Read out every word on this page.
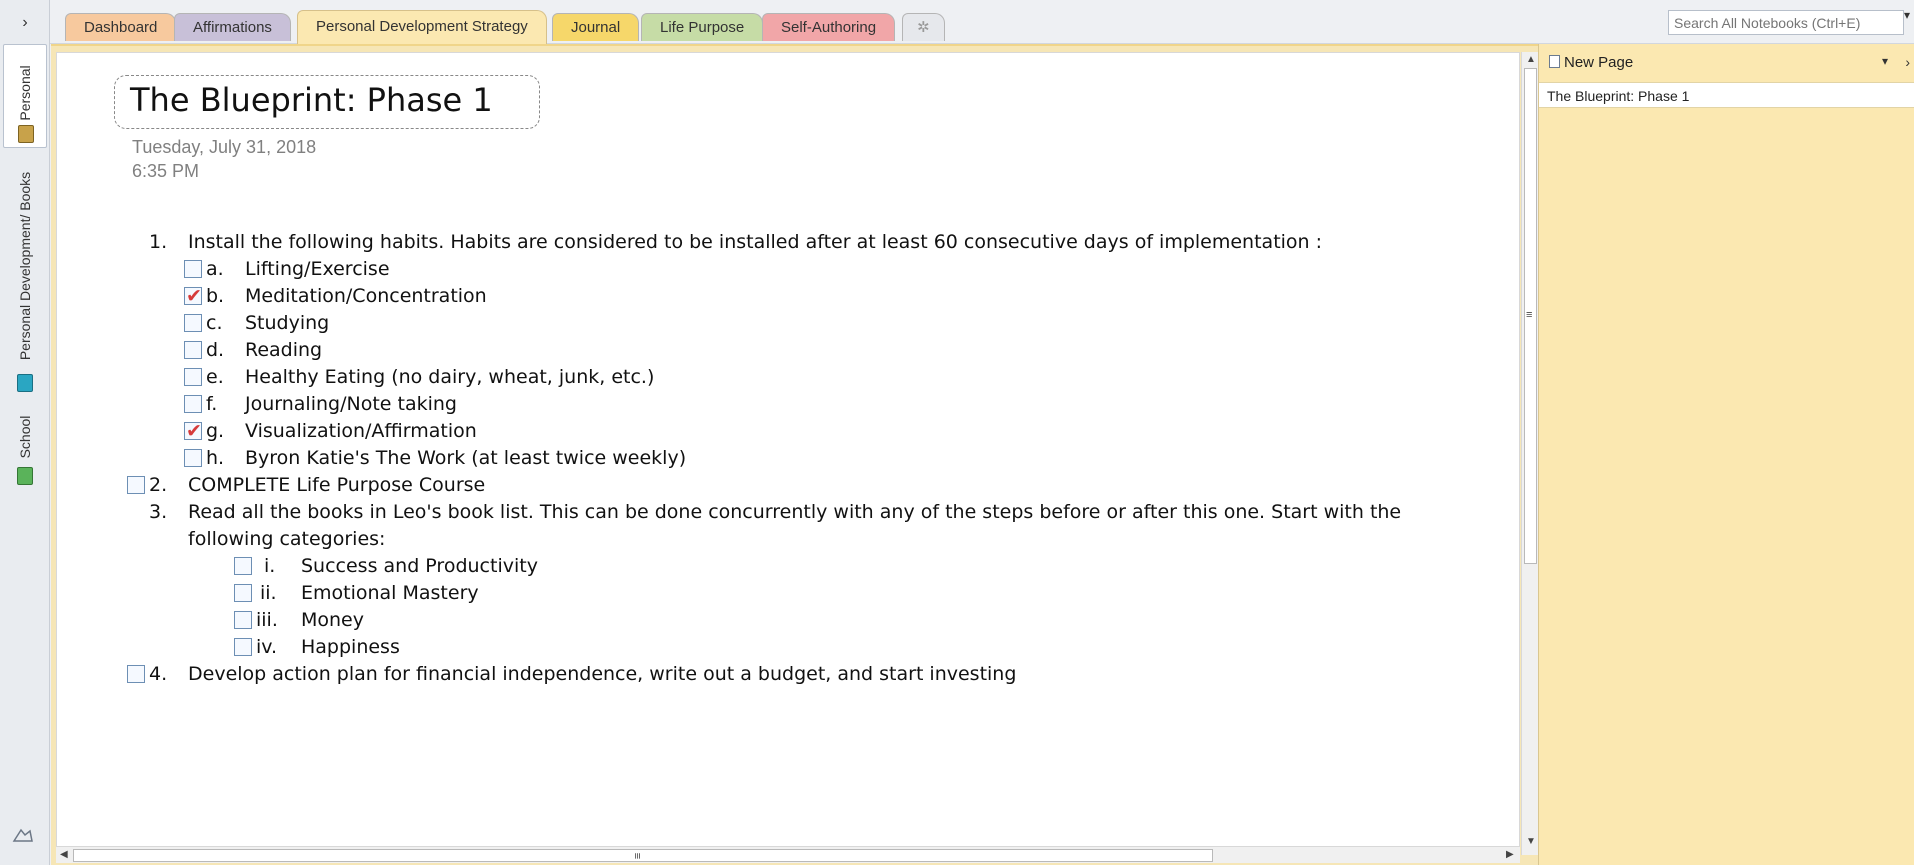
›
Personal
Personal Development/ Books
School
Dashboard	Affirmations	Personal Development Strategy	Journal	Life Purpose	Self-Authoring	✲
Search All Notebooks (Ctrl+E)
▾
The Blueprint: Phase 1
Tuesday, July 31, 2018
6:35 PM
1. Install the following habits. Habits are considered to be installed after at least 60 consecutive days of implementation :
a. Lifting/Exercise
✔
b. Meditation/Concentration
c. Studying
d. Reading
e. Healthy Eating (no dairy, wheat, junk, etc.)
f. Journaling/Note taking
✔
g. Visualization/Affirmation
h. Byron Katie's The Work (at least twice weekly)
2. COMPLETE Life Purpose Course
3. Read all the books in Leo's book list. This can be done concurrently with any of the steps before or after this one. Start with the
following categories:
i. Success and Productivity
ii. Emotional Mastery
iii. Money
iv. Happiness
4. Develop action plan for financial independence, write out a budget, and start investing
▲
≡
▼
◀	≡	▶
New Page	▾ ›
The Blueprint: Phase 1
